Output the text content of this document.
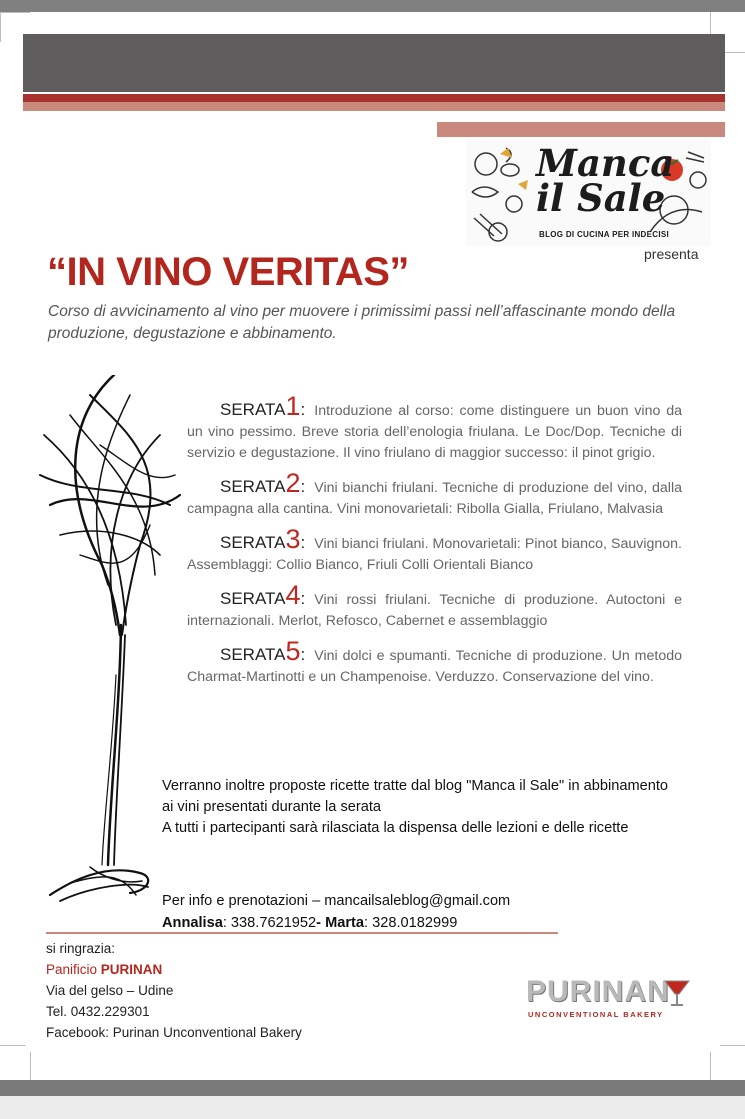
Manca
il Sale
BLOG DI CUCINA PER INDECISI
presenta
“IN VINO VERITAS”
Corso di avvicinamento al vino per muovere i primissimi passi nell’affascinante mondo della produzione, degustazione e abbinamento.
SERATA1: Introduzione al corso: come distinguere un buon vino da un vino pessimo. Breve storia dell’enologia friulana. Le Doc/Dop. Tecniche di servizio e degustazione. Il vino friulano di maggior successo: il pinot grigio.
SERATA2: Vini bianchi friulani. Tecniche di produzione del vino, dalla campagna alla cantina. Vini monovarietali: Ribolla Gialla, Friulano, Malvasia
SERATA3: Vini bianci friulani. Monovarietali: Pinot bianco, Sauvignon. Assemblaggi: Collio Bianco, Friuli Colli Orientali Bianco
SERATA4: Vini rossi friulani. Tecniche di produzione. Autoctoni e internazionali. Merlot, Refosco, Cabernet e assemblaggio
SERATA5: Vini dolci e spumanti. Tecniche di produzione. Un metodo Charmat-Martinotti e un Champenoise. Verduzzo. Conservazione del vino.
Verranno inoltre proposte ricette tratte dal blog "Manca il Sale" in abbinamento
ai vini presentati durante la serata
A tutti i partecipanti sarà rilasciata la dispensa delle lezioni e delle ricette
Per info e prenotazioni – mancailsaleblog@gmail.com
Annalisa: 338.7621952- Marta: 328.0182999
si ringrazia:
Panificio PURINAN
Via del gelso – Udine
Tel. 0432.229301
Facebook: Purinan Unconventional Bakery
PURINAN
UNCONVENTIONAL BAKERY
